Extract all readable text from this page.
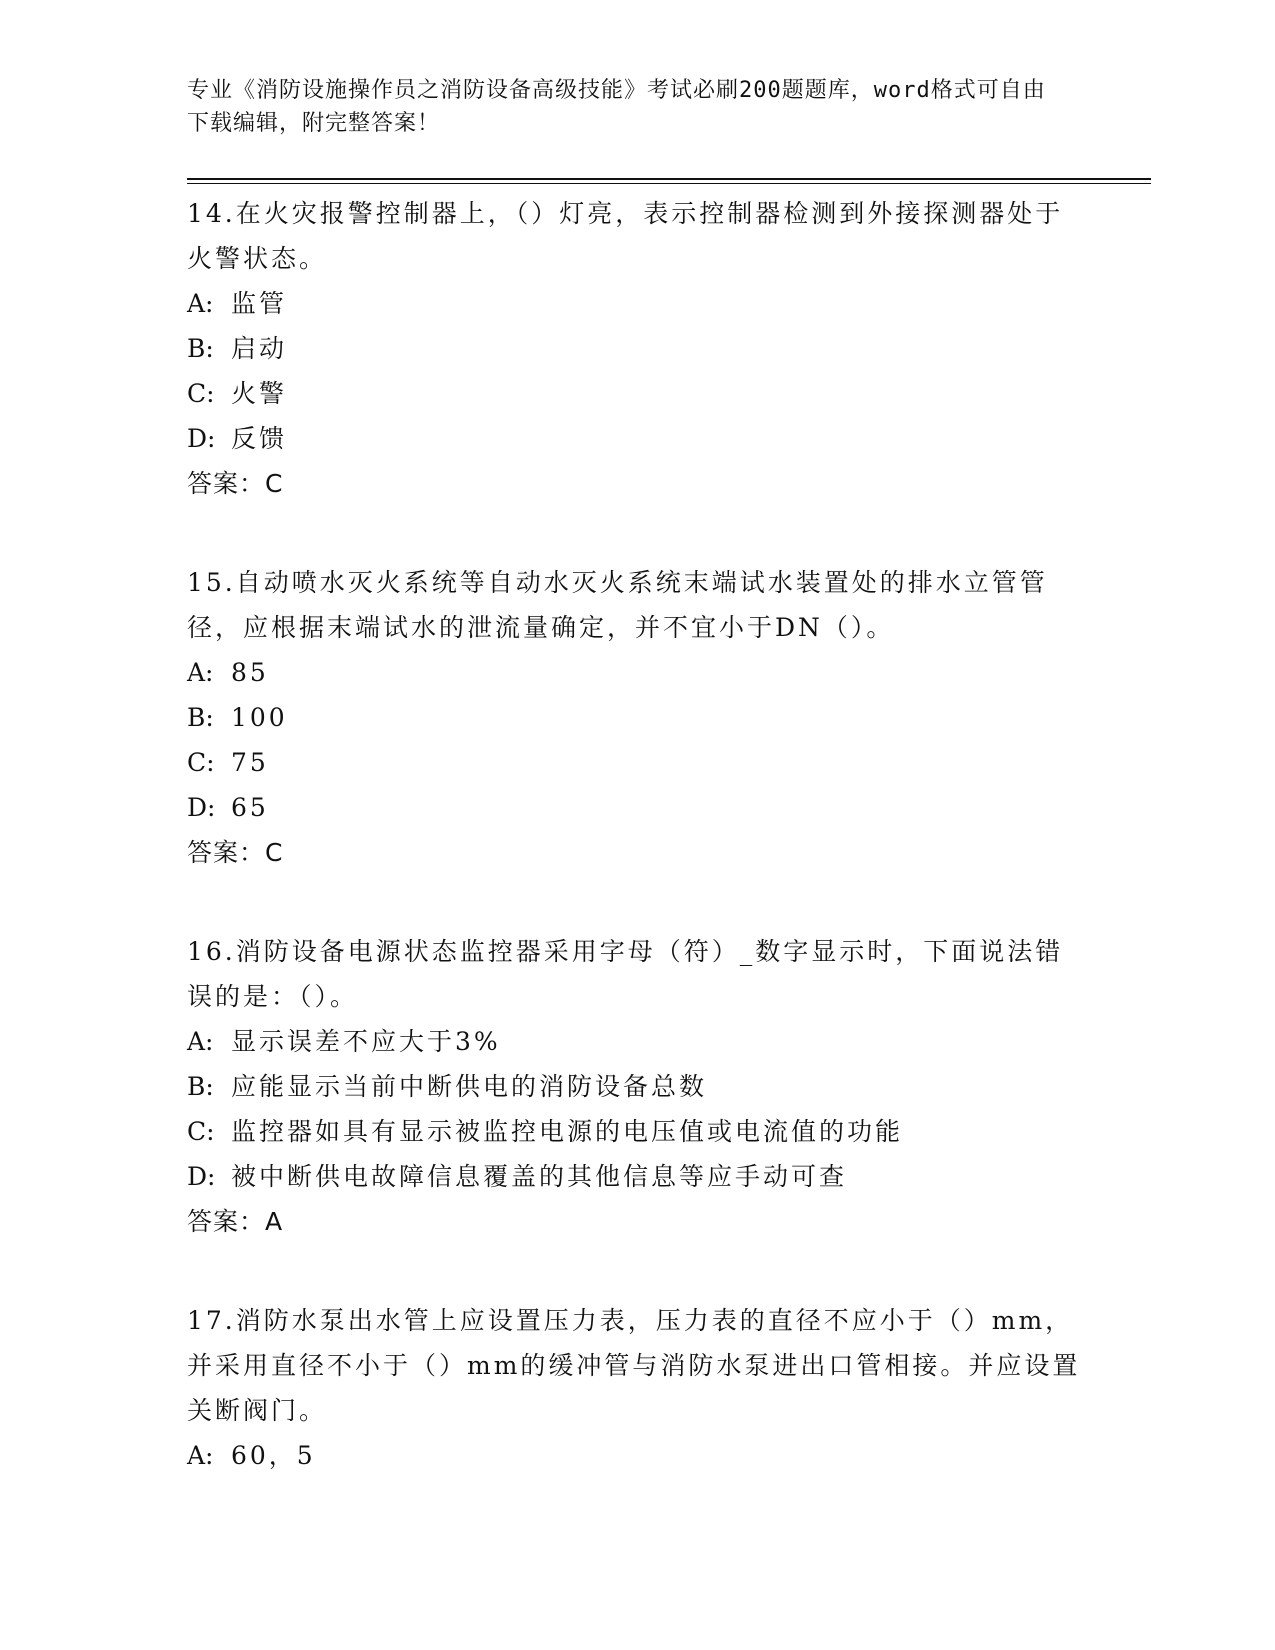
专业《消防设施操作员之消防设备高级技能》考试必刷200题题库，word格式可自由下载编辑，附完整答案！

14.在火灾报警控制器上，（）灯亮，表示控制器检测到外接探测器处于火警状态。

A: 监管

B: 启动

C: 火警

D: 反馈

答案：C

15.自动喷水灭火系统等自动水灭火系统末端试水装置处的排水立管管径，应根据末端试水的泄流量确定，并不宜小于DN（）。

A: 85

B: 100

C: 75

D: 65

答案：C

16.消防设备电源状态监控器采用字母（符）_数字显示时，下面说法错误的是：（）。

A: 显示误差不应大于3%

B: 应能显示当前中断供电的消防设备总数

C: 监控器如具有显示被监控电源的电压值或电流值的功能

D: 被中断供电故障信息覆盖的其他信息等应手动可查

答案：A

17.消防水泵出水管上应设置压力表，压力表的直径不应小于（）mm，并采用直径不小于（）mm的缓冲管与消防水泵进出口管相接。并应设置关断阀门。

A: 60，5
